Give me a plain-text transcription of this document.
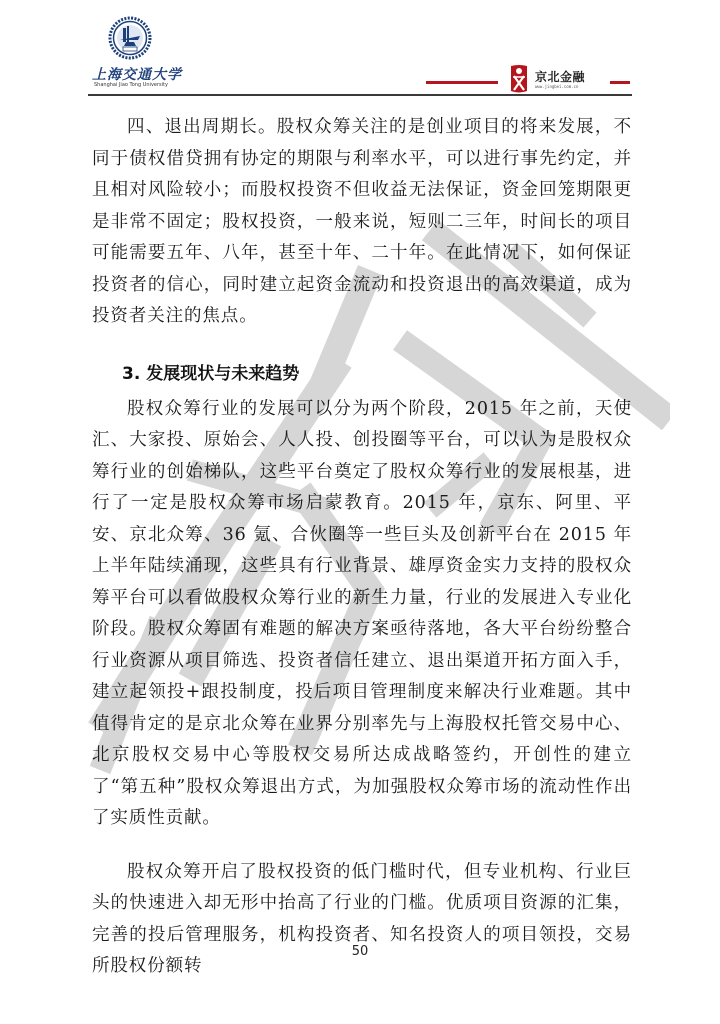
上海交通大学
Shanghai Jiao Tong University
京北金融
www.jingbei.com.cn

四、退出周期长。股权众筹关注的是创业项目的将来发展，不同于债权借贷拥有协定的期限与利率水平，可以进行事先约定，并且相对风险较小；而股权投资不但收益无法保证，资金回笼期限更是非常不固定；股权投资，一般来说，短则二三年，时间长的项目可能需要五年、八年，甚至十年、二十年。在此情况下，如何保证投资者的信心，同时建立起资金流动和投资退出的高效渠道，成为投资者关注的焦点。

3. 发展现状与未来趋势

股权众筹行业的发展可以分为两个阶段，2015 年之前，天使汇、大家投、原始会、人人投、创投圈等平台，可以认为是股权众筹行业的创始梯队，这些平台奠定了股权众筹行业的发展根基，进行了一定是股权众筹市场启蒙教育。2015 年，京东、阿里、平安、京北众筹、36 氪、合伙圈等一些巨头及创新平台在 2015 年上半年陆续涌现，这些具有行业背景、雄厚资金实力支持的股权众筹平台可以看做股权众筹行业的新生力量，行业的发展进入专业化阶段。股权众筹固有难题的解决方案亟待落地，各大平台纷纷整合行业资源从项目筛选、投资者信任建立、退出渠道开拓方面入手，建立起领投+跟投制度，投后项目管理制度来解决行业难题。其中值得肯定的是京北众筹在业界分别率先与上海股权托管交易中心、北京股权交易中心等股权交易所达成战略签约，开创性的建立了“第五种”股权众筹退出方式，为加强股权众筹市场的流动性作出了实质性贡献。

股权众筹开启了股权投资的低门槛时代，但专业机构、行业巨头的快速进入却无形中抬高了行业的门槛。优质项目资源的汇集，完善的投后管理服务，机构投资者、知名投资人的项目领投，交易所股权份额转

50
